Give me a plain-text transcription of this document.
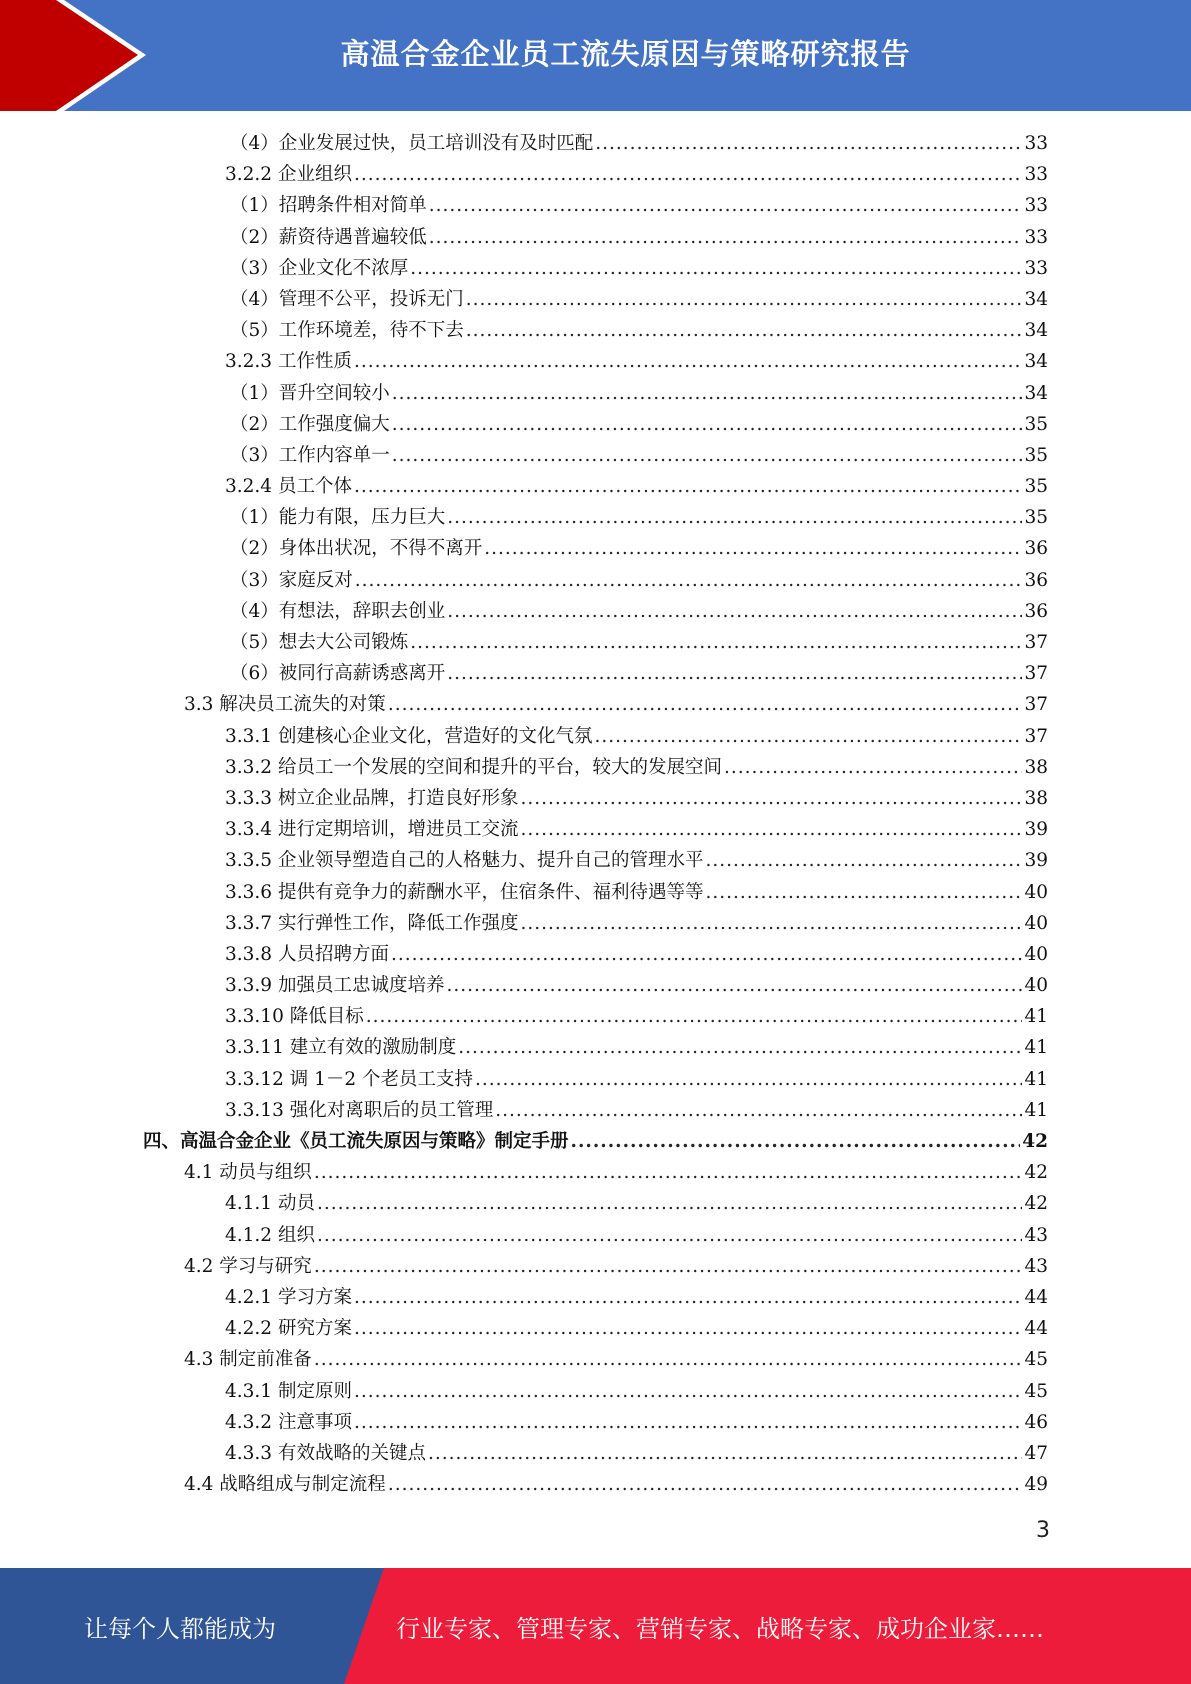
高温合金企业员工流失原因与策略研究报告
（4）企业发展过快，员工培训没有及时匹配 .....	33
3.2.2 企业组织 .....	33
（1）招聘条件相对简单 .....	33
（2）薪资待遇普遍较低 .....	33
（3）企业文化不浓厚 .....	33
（4）管理不公平，投诉无门 .....	34
（5）工作环境差，待不下去 .....	34
3.2.3 工作性质 .....	34
（1）晋升空间较小 .....	34
（2）工作强度偏大 .....	35
（3）工作内容单一 .....	35
3.2.4 员工个体 .....	35
（1）能力有限，压力巨大 .....	35
（2）身体出状况，不得不离开 .....	36
（3）家庭反对 .....	36
（4）有想法，辞职去创业 .....	36
（5）想去大公司锻炼 .....	37
（6）被同行高薪诱惑离开 .....	37
3.3 解决员工流失的对策 .....	37
3.3.1 创建核心企业文化，营造好的文化气氛 .....	37
3.3.2 给员工一个发展的空间和提升的平台，较大的发展空间 .....	38
3.3.3 树立企业品牌，打造良好形象 .....	38
3.3.4 进行定期培训，增进员工交流 .....	39
3.3.5 企业领导塑造自己的人格魅力、提升自己的管理水平 .....	39
3.3.6 提供有竞争力的薪酬水平，住宿条件、福利待遇等等 .....	40
3.3.7 实行弹性工作，降低工作强度 .....	40
3.3.8 人员招聘方面 .....	40
3.3.9 加强员工忠诚度培养 .....	40
3.3.10 降低目标 .....	41
3.3.11 建立有效的激励制度 .....	41
3.3.12 调 1－2 个老员工支持 .....	41
3.3.13 强化对离职后的员工管理 .....	41
四、高温合金企业《员工流失原因与策略》制定手册 .....	42
4.1 动员与组织 .....	42
4.1.1 动员 .....	42
4.1.2 组织 .....	43
4.2 学习与研究 .....	43
4.2.1 学习方案 .....	44
4.2.2 研究方案 .....	44
4.3 制定前准备 .....	45
4.3.1 制定原则 .....	45
4.3.2 注意事项 .....	46
4.3.3 有效战略的关键点 .....	47
4.4 战略组成与制定流程 .....	49
3
让每个人都能成为	行业专家、管理专家、营销专家、战略专家、成功企业家……
